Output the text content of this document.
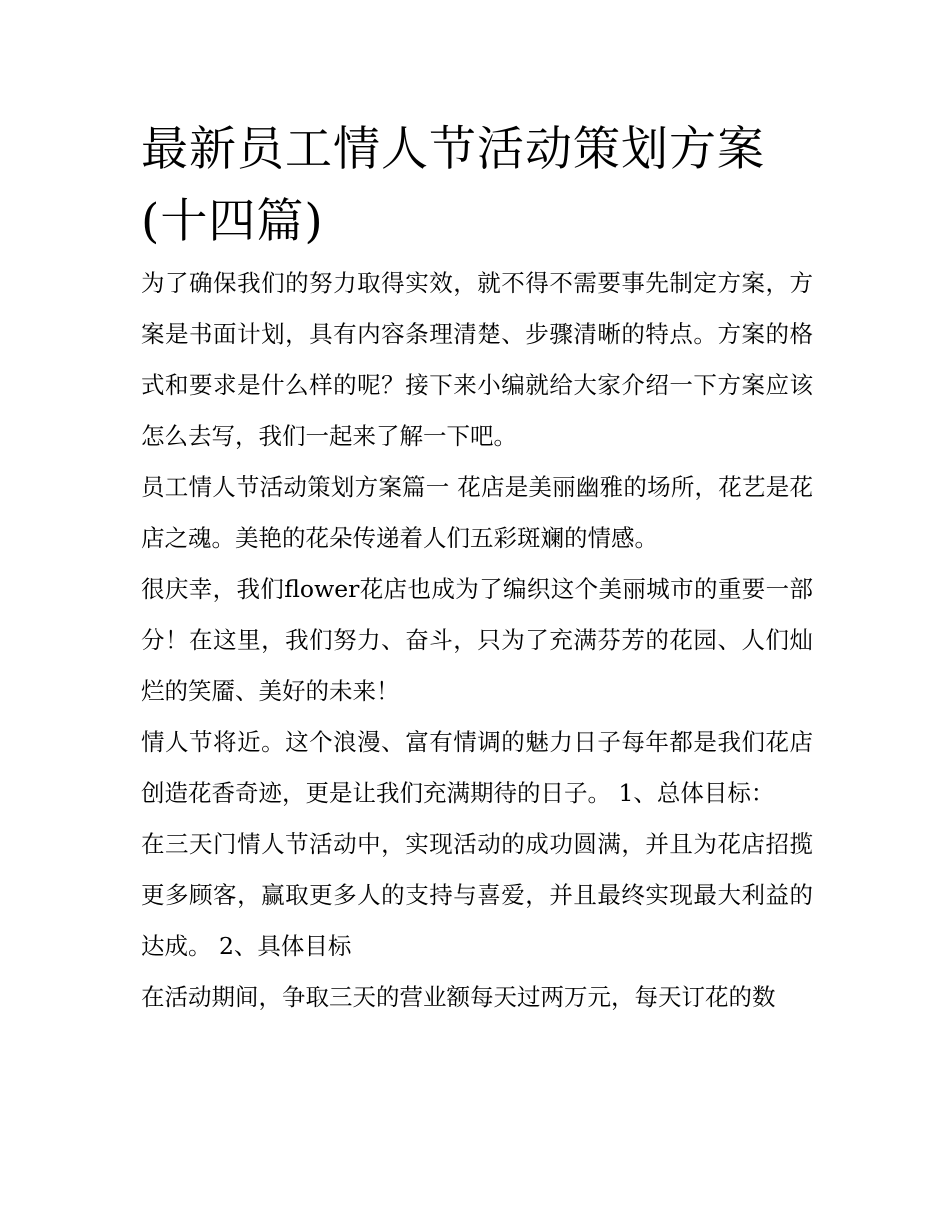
最新员工情人节活动策划方案(十四篇)

为了确保我们的努力取得实效，就不得不需要事先制定方案，方案是书面计划，具有内容条理清楚、步骤清晰的特点。方案的格式和要求是什么样的呢？接下来小编就给大家介绍一下方案应该怎么去写，我们一起来了解一下吧。

员工情人节活动策划方案篇一 花店是美丽幽雅的场所，花艺是花店之魂。美艳的花朵传递着人们五彩斑斓的情感。

很庆幸，我们flower花店也成为了编织这个美丽城市的重要一部分！在这里，我们努力、奋斗，只为了充满芬芳的花园、人们灿烂的笑靥、美好的未来！

情人节将近。这个浪漫、富有情调的魅力日子每年都是我们花店创造花香奇迹，更是让我们充满期待的日子。 1、总体目标：

在三天门情人节活动中，实现活动的成功圆满，并且为花店招揽更多顾客，赢取更多人的支持与喜爱，并且最终实现最大利益的达成。 2、具体目标

在活动期间，争取三天的营业额每天过两万元，每天订花的数
